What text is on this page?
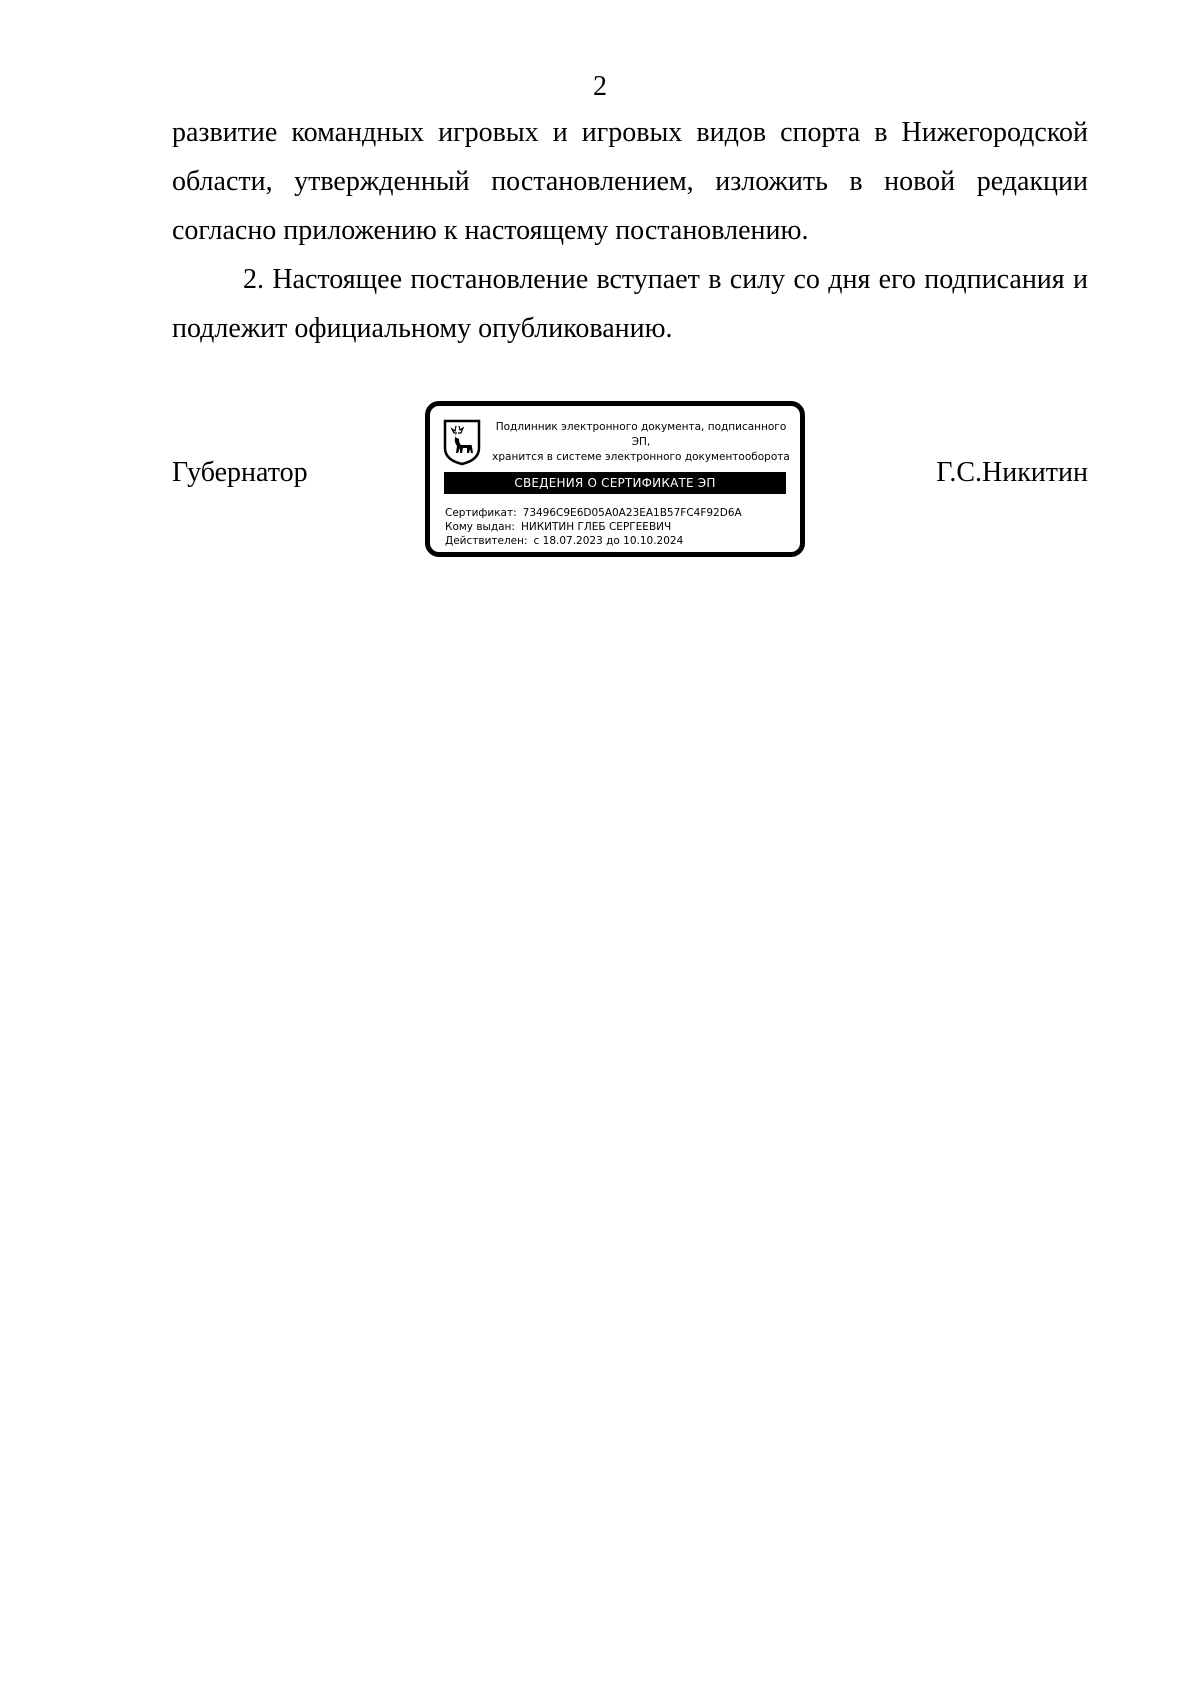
2

развитие командных игровых и игровых видов спорта в Нижегородской области, утвержденный постановлением, изложить в новой редакции согласно приложению к настоящему постановлению.

2. Настоящее постановление вступает в силу со дня его подписания и подлежит официальному опубликованию.

Губернатор
Подлинник электронного документа, подписанного ЭП,
хранится в системе электронного документооборота
СВЕДЕНИЯ О СЕРТИФИКАТЕ ЭП
Сертификат: 73496C9E6D05A0A23EA1B57FC4F92D6A
Кому выдан: НИКИТИН ГЛЕБ СЕРГЕЕВИЧ
Действителен: с 18.07.2023 до 10.10.2024
Г.С.Никитин
